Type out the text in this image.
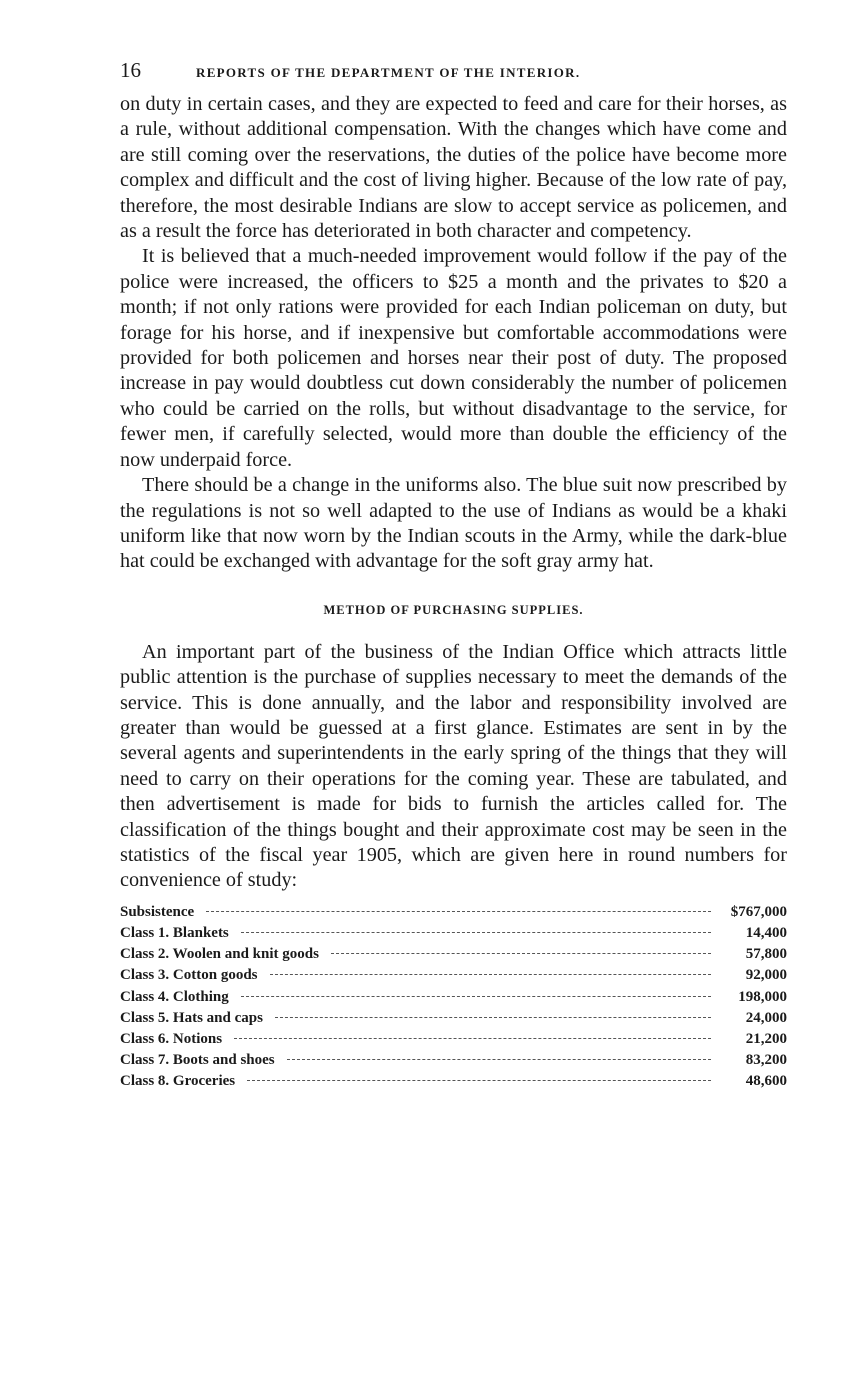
16	REPORTS OF THE DEPARTMENT OF THE INTERIOR.

on duty in certain cases, and they are expected to feed and care for their horses, as a rule, without additional compensation. With the changes which have come and are still coming over the reservations, the duties of the police have become more complex and difficult and the cost of living higher. Because of the low rate of pay, therefore, the most desirable Indians are slow to accept service as policemen, and as a result the force has deteriorated in both character and competency.

It is believed that a much-needed improvement would follow if the pay of the police were increased, the officers to $25 a month and the privates to $20 a month; if not only rations were provided for each Indian policeman on duty, but forage for his horse, and if inexpensive but comfortable accommodations were provided for both policemen and horses near their post of duty. The proposed increase in pay would doubtless cut down considerably the number of policemen who could be carried on the rolls, but without disadvantage to the service, for fewer men, if carefully selected, would more than double the efficiency of the now underpaid force.

There should be a change in the uniforms also. The blue suit now prescribed by the regulations is not so well adapted to the use of Indians as would be a khaki uniform like that now worn by the Indian scouts in the Army, while the dark-blue hat could be exchanged with advantage for the soft gray army hat.

METHOD OF PURCHASING SUPPLIES.

An important part of the business of the Indian Office which attracts little public attention is the purchase of supplies necessary to meet the demands of the service. This is done annually, and the labor and responsibility involved are greater than would be guessed at a first glance. Estimates are sent in by the several agents and superintendents in the early spring of the things that they will need to carry on their operations for the coming year. These are tabulated, and then advertisement is made for bids to furnish the articles called for. The classification of the things bought and their approximate cost may be seen in the statistics of the fiscal year 1905, which are given here in round numbers for convenience of study:

Subsistence	$767,000
Class 1. Blankets	14,400
Class 2. Woolen and knit goods	57,800
Class 3. Cotton goods	92,000
Class 4. Clothing	198,000
Class 5. Hats and caps	24,000
Class 6. Notions	21,200
Class 7. Boots and shoes	83,200
Class 8. Groceries	48,600
